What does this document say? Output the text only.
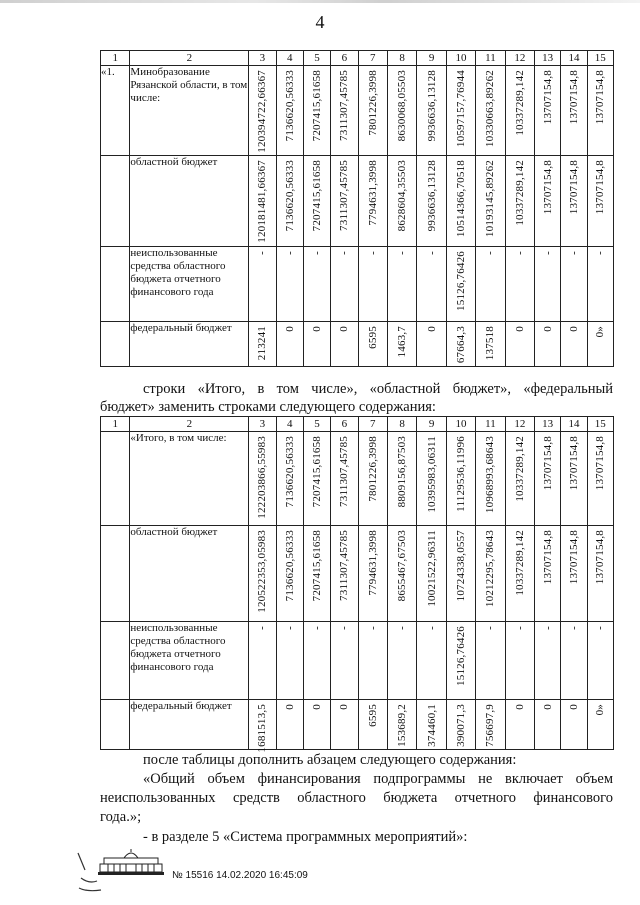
4
1	2	3	4	5	6	7	8	9	10	11	12	13	14	15
«1.	Минобразование Рязанской области, в том числе:	120394722,66367	7136620,56333	7207415,61658	7311307,45785	7801226,3998	8630068,05503	9936636,13128	10597157,76944	10330663,89262	10337289,142	13707154,8	13707154,8	13707154,8

	областной бюджет	120181481,66367	7136620,56333	7207415,61658	7311307,45785	7794631,3998	8628604,35503	9936636,13128	10514366,70518	10193145,89262	10337289,142	13707154,8	13707154,8	13707154,8

	неиспользованные средства областного бюджета отчетного финансового года	-	-	-	-	-	-	-	15126,76426	-	-	-	-	-

	федеральный бюджет	213241	0	0	0	6595	1463,7	0	67664,3	137518	0	0	0	0»
строки «Итого, в том числе», «областной бюджет», «федеральный
бюджет» заменить строками следующего содержания:
1	2	3	4	5	6	7	8	9	10	11	12	13	14	15
	«Итого, в том числе:	122203866,55983	7136620,56333	7207415,61658	7311307,45785	7801226,3998	8809156,87503	10395983,06311	11129536,11996	10968993,68643	10337289,142	13707154,8	13707154,8	13707154,8

	областной бюджет	120522353,05983	7136620,56333	7207415,61658	7311307,45785	7794631,3998	8655467,67503	10021522,96311	10724338,0557	10212295,78643	10337289,142	13707154,8	13707154,8	13707154,8

	неиспользованные средства областного бюджета отчетного финансового года	-	-	-	-	-	-	-	15126,76426	-	-	-	-	-

	федеральный бюджет	1681513,5	0	0	0	6595	153689,2	374460,1	390071,3	756697,9	0	0	0	0»
после таблицы дополнить абзацем следующего содержания:
«Общий объем финансирования подпрограммы не включает объем
неиспользованных средств областного бюджета отчетного финансового
года.»;
- в разделе 5 «Система программных мероприятий»:
№ 15516 14.02.2020 16:45:09
